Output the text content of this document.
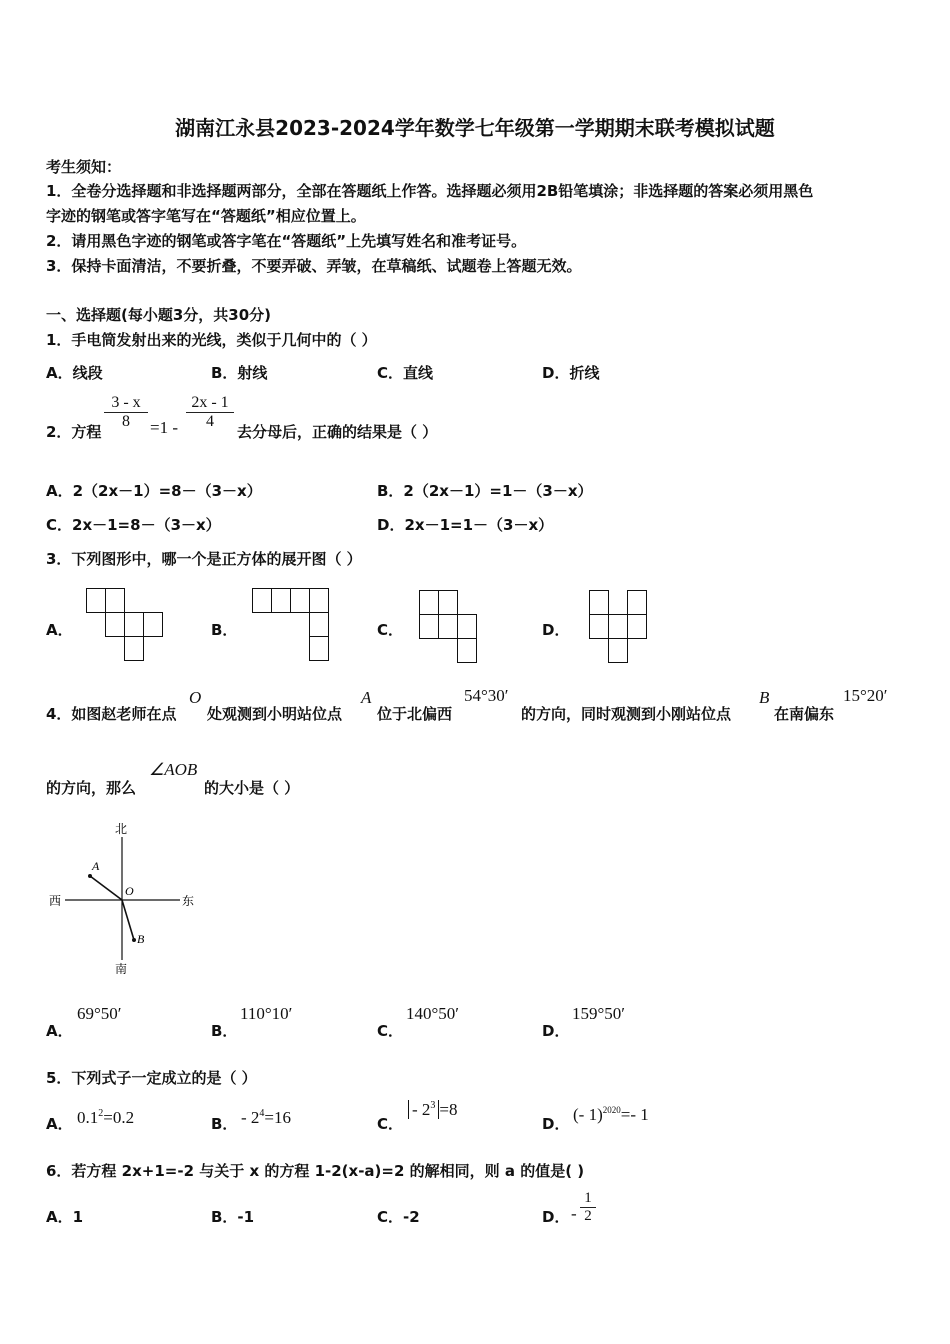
湖南江永县2023-2024学年数学七年级第一学期期末联考模拟试题
考生须知：
1．全卷分选择题和非选择题两部分，全部在答题纸上作答。选择题必须用2B铅笔填涂；非选择题的答案必须用黑色
字迹的钢笔或答字笔写在“答题纸”相应位置上。
2．请用黑色字迹的钢笔或答字笔在“答题纸”上先填写姓名和准考证号。
3．保持卡面清洁，不要折叠，不要弄破、弄皱，在草稿纸、试题卷上答题无效。
一、选择题(每小题3分，共30分)
1．手电筒发射出来的光线，类似于几何中的（ ）
A．线段	B．射线	C．直线	D．折线
2．方程
$\frac{3 - x}{8} =1 - \frac{2x - 1}{4}$
去分母后，正确的结果是（ ）
A．2（2x－1）=8－（3－x）	B．2（2x－1）=1－（3－x）
C．2x－1=8－（3－x）	D．2x－1=1－（3－x）
3．下列图形中，哪一个是正方体的展开图（ ）
A．	B．	C．	D．
4．如图赵老师在点
O
处观测到小明站位点
A
位于北偏西
54°30′
的方向，同时观测到小刚站位点
B
在南偏东
15°20′
的方向，那么
∠AOB
的大小是（ ）
北
南
西	东
A
B
O
A．
69°50′
B．
110°10′
C．
140°50′
D．
159°50′
5．下列式子一定成立的是（ ）
A． $0.1^2=0.2$	B． - $2^4=16$	C．
- $2^3 =8$
D． (- 1)$^{2020}$=- 1
6．若方程 2x+1=-2 与关于 x 的方程 1-2(x-a)=2 的解相同，则 a 的值是( )
A．1	B．-1	C．-2	D． - $\frac{1}{2}$
